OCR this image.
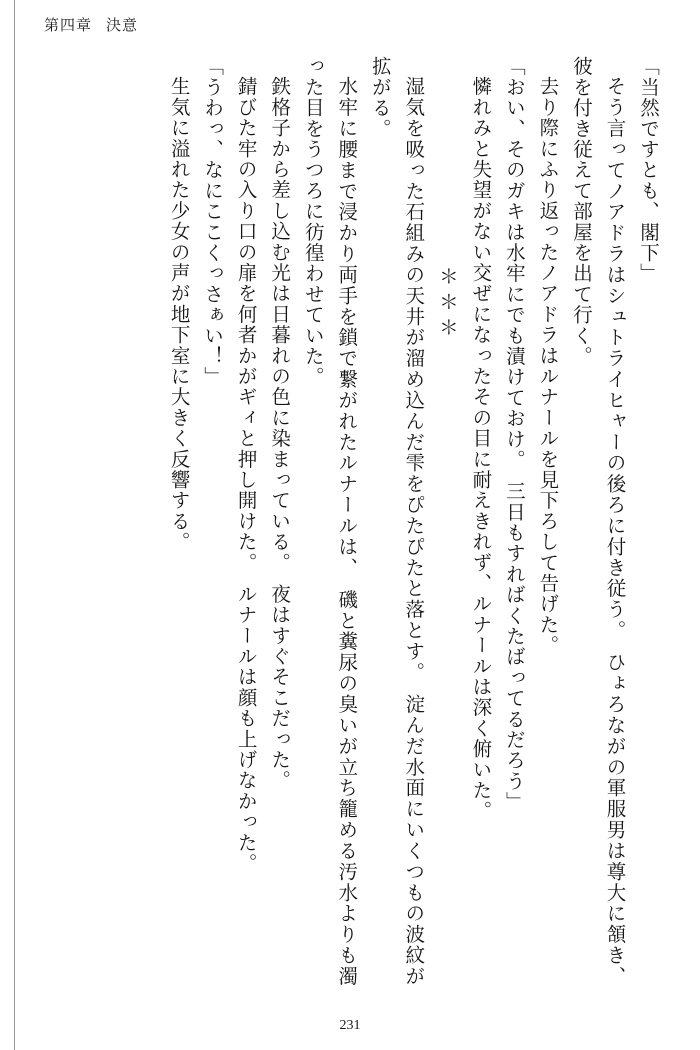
第四章 決意

「当然ですとも、閣下」

そう言ってノアドラはシュトライヒャーの後ろに付き従う。　ひょろながの軍服男は尊大に頷き、彼を付き従えて部屋を出て行く。

去り際にふり返ったノアドラはルナールを見下ろして告げた。

「おい、そのガキは水牢にでも漬けておけ。　三日もすればくたばってるだろう」

憐れみと失望がない交ぜになったその目に耐えきれず、ルナールは深く俯いた。

＊＊＊

湿気を吸った石組みの天井が溜め込んだ雫をぴたぴたと落とす。　淀んだ水面にいくつもの波紋が拡がる。

水牢に腰まで浸かり両手を鎖で繋がれたルナールは、　磯と糞尿の臭いが立ち籠める汚水よりも濁った目をうつろに彷徨わせていた。

鉄格子から差し込む光は日暮れの色に染まっている。　夜はすぐそこだった。

錆びた牢の入り口の扉を何者かがギィと押し開けた。　ルナールは顔も上げなかった。

「うわっ、なにここくっさぁい！」

生気に溢れた少女の声が地下室に大きく反響する。

231
